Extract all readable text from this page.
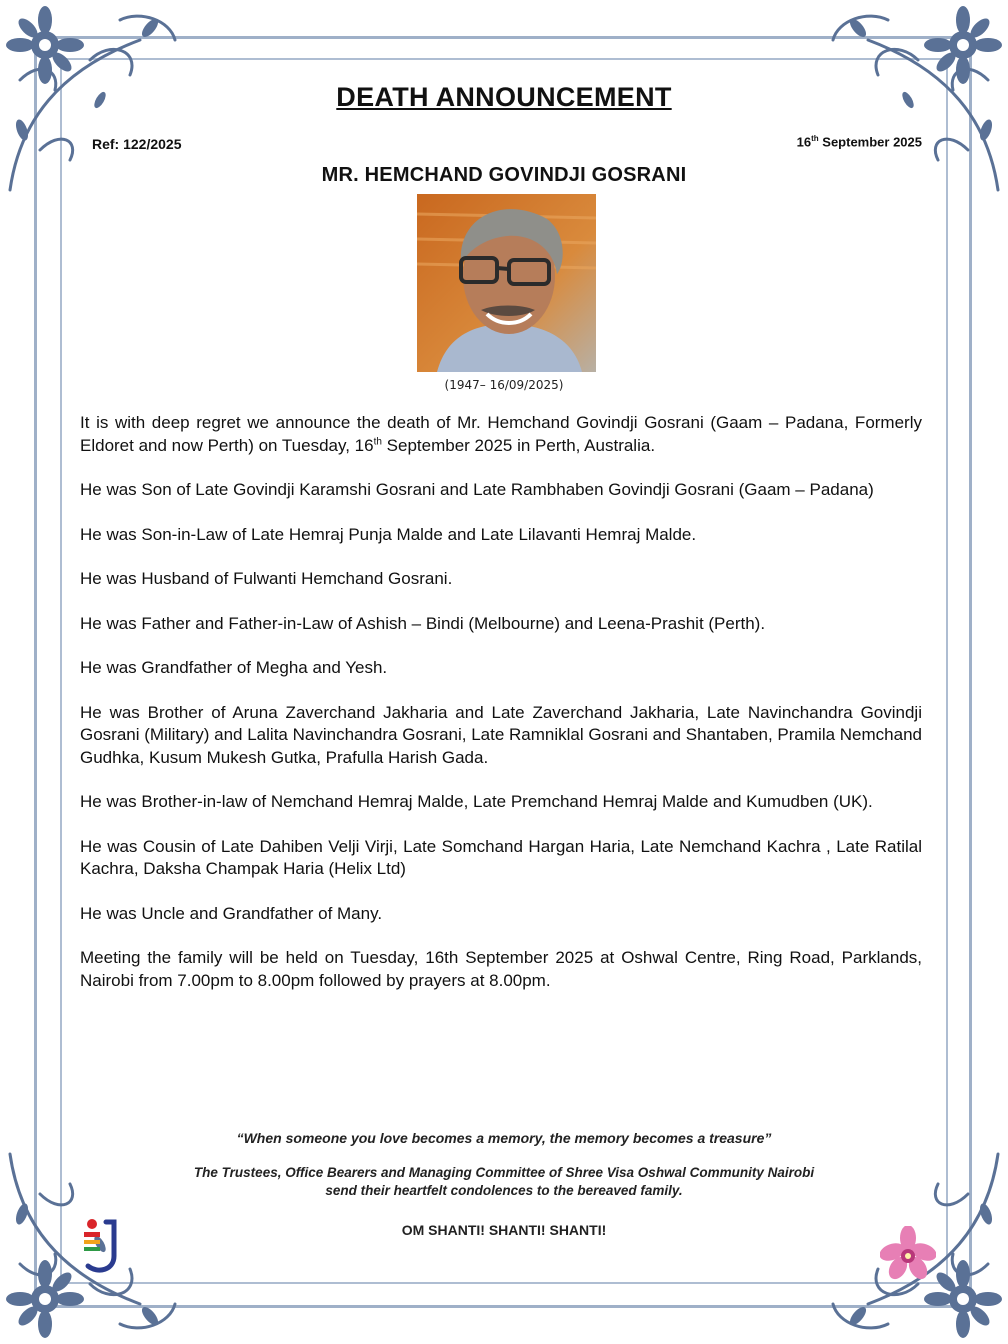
DEATH ANNOUNCEMENT
Ref: 122/2025	16th September 2025
MR. HEMCHAND GOVINDJI GOSRANI
(1947– 16/09/2025)

It is with deep regret we announce the death of Mr. Hemchand Govindji Gosrani (Gaam – Padana, Formerly Eldoret and now Perth) on Tuesday, 16th September 2025 in Perth, Australia.

He was Son of Late Govindji Karamshi Gosrani and Late Rambhaben Govindji Gosrani (Gaam – Padana)

He was Son-in-Law of Late Hemraj Punja Malde and Late Lilavanti Hemraj Malde.

He was Husband of Fulwanti Hemchand Gosrani.

He was Father and Father-in-Law of Ashish – Bindi (Melbourne) and Leena-Prashit (Perth).

He was Grandfather of Megha and Yesh.

He was Brother of Aruna Zaverchand Jakharia and Late Zaverchand Jakharia, Late Navinchandra Govindji Gosrani (Military) and Lalita Navinchandra Gosrani, Late Ramniklal Gosrani and Shantaben, Pramila Nemchand Gudhka, Kusum Mukesh Gutka, Prafulla Harish Gada.

He was Brother-in-law of Nemchand Hemraj Malde, Late Premchand Hemraj Malde and Kumudben (UK).

He was Cousin of Late Dahiben Velji Virji, Late Somchand Hargan Haria, Late Nemchand Kachra , Late Ratilal Kachra, Daksha Champak Haria (Helix Ltd)

He was Uncle and Grandfather of Many.

Meeting the family will be held on Tuesday, 16th September 2025 at Oshwal Centre, Ring Road, Parklands, Nairobi from 7.00pm to 8.00pm followed by prayers at 8.00pm.

“When someone you love becomes a memory, the memory becomes a treasure”
The Trustees, Office Bearers and Managing Committee of Shree Visa Oshwal Community Nairobi
send their heartfelt condolences to the bereaved family.
OM SHANTI! SHANTI! SHANTI!
